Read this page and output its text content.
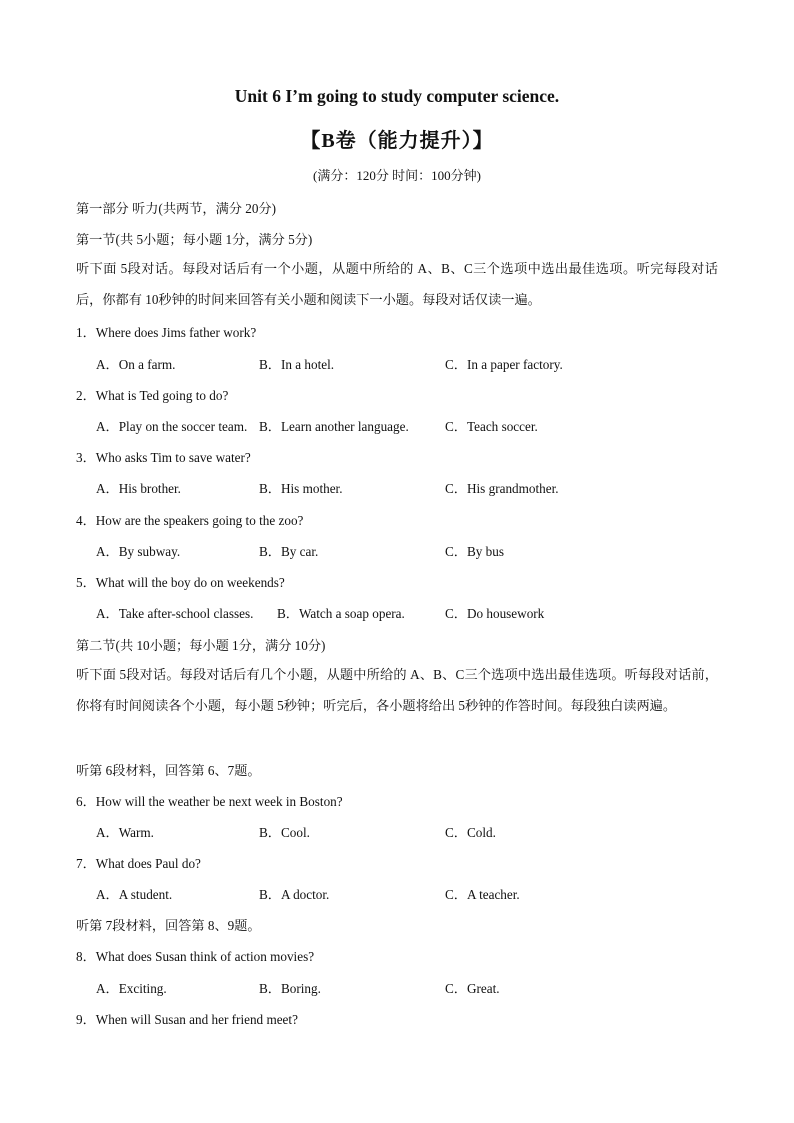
Unit 6 I’m going to study computer science.
【B卷（能力提升）】
(满分：120分 时间：100分钟)
第一部分 听力(共两节，满分 20分)
第一节(共 5小题；每小题 1分，满分 5分)
听下面 5段对话。每段对话后有一个小题，从题中所给的 A、B、C三个选项中选出最佳选项。听完每段对话后，你都有 10秒钟的时间来回答有关小题和阅读下一小题。每段对话仅读一遍。
1．Where does Jims father work?
A．On a farm.	B．In a hotel.	C．In a paper factory.
2．What is Ted going to do?
A．Play on the soccer team. B．Learn another language.	C．Teach soccer.
3．Who asks Tim to save water?
A．His brother.	B．His mother.	C．His grandmother.
4．How are the speakers going to the zoo?
A．By subway.	B．By car.	C．By bus
5．What will the boy do on weekends?
A．Take after-school classes. B．Watch a soap opera.	C．Do housework
第二节(共 10小题；每小题 1分，满分 10分)
听下面 5段对话。每段对话后有几个小题，从题中所给的 A、B、C三个选项中选出最佳选项。听每段对话前，你将有时间阅读各个小题，每小题 5秒钟；听完后，各小题将给出 5秒钟的作答时间。每段独白读两遍。
听第 6段材料，回答第 6、7题。
6．How will the weather be next week in Boston?
A．Warm.	B．Cool.	C．Cold.
7．What does Paul do?
A．A student.	B．A doctor.	C．A teacher.
听第 7段材料，回答第 8、9题。
8．What does Susan think of action movies?
A．Exciting.	B．Boring.	C．Great.
9．When will Susan and her friend meet?
